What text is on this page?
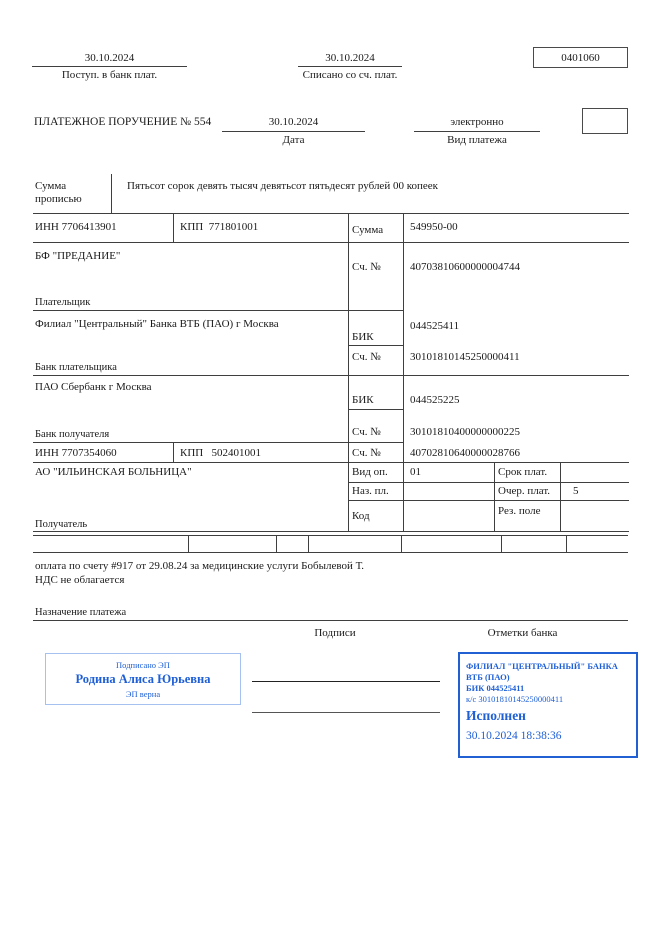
30.10.2024
Поступ. в банк плат.
30.10.2024
Списано со сч. плат.
0401060
ПЛАТЕЖНОЕ ПОРУЧЕНИЕ № 554	30.10.2024
Дата
электронно
Вид платежа
Сумма
прописью
Пятьсот сорок девять тысяч девятьсот пятьдесят рублей 00 копеек
ИНН 7706413901	КПП  771801001	Сумма 549950-00
БФ "ПРЕДАНИЕ"
Сч. №	40703810600000004744
Плательщик
Филиал "Центральный" Банка ВТБ (ПАО) г Москва
БИК
044525411
Сч. №	30101810145250000411
Банк плательщика
ПАО Сбербанк г Москва
БИК	044525225
Сч. №	30101810400000000225
Банк получателя
ИНН 7707354060	КПП   502401001	Сч. №	40702810640000028766
АО "ИЛЬИНСКАЯ БОЛЬНИЦА"	Вид оп. 01	Срок плат.
Наз. пл.	Очер. плат. 5
Код	Рез. поле
Получатель
оплата по счету #917 от 29.08.24 за медицинские услуги Бобылевой Т.
НДС не облагается
Назначение платежа
Подписи	Отметки банка
Подписано ЭП
Родина Алиса Юрьевна
ЭП верна
ФИЛИАЛ "ЦЕНТРАЛЬНЫЙ" БАНКА
ВТБ (ПАО)
БИК 044525411
к/с 30101810145250000411
Исполнен
30.10.2024 18:38:36
